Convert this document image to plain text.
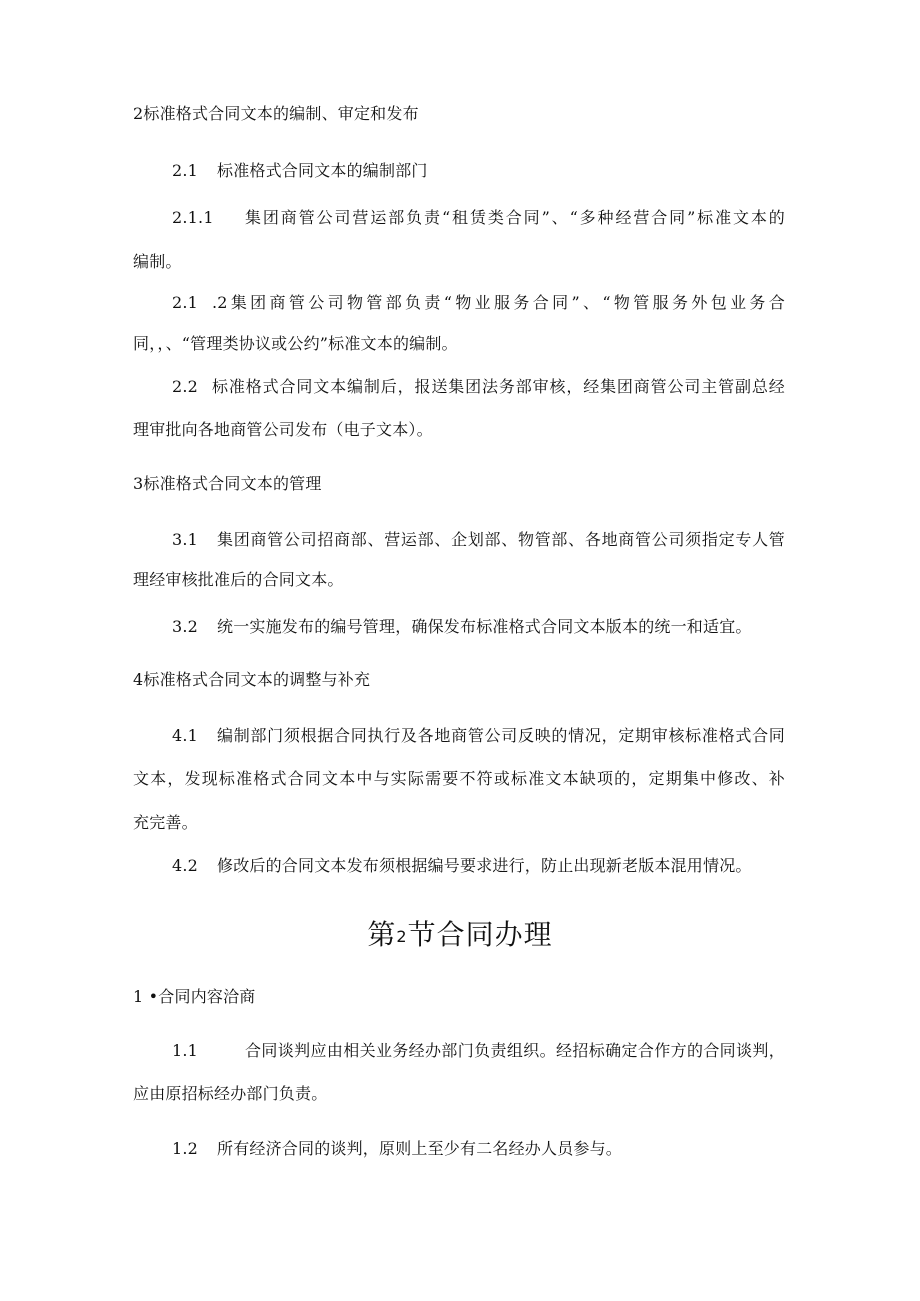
2标准格式合同文本的编制、审定和发布
2.1 标准格式合同文本的编制部门
2.1.1 集团商管公司营运部负责“租赁类合同”、“多种经营合同”标准文本的
编制。
2.1 .2集团商管公司物管部负责“物业服务合同”、“物管服务外包业务合
同，，、“管理类协议或公约”标准文本的编制。
2.2 标准格式合同文本编制后，报送集团法务部审核，经集团商管公司主管副总经
理审批向各地商管公司发布（电子文本）。
3标准格式合同文本的管理
3.1 集团商管公司招商部、营运部、企划部、物管部、各地商管公司须指定专人管
理经审核批准后的合同文本。
3.2 统一实施发布的编号管理，确保发布标准格式合同文本版本的统一和适宜。
4标准格式合同文本的调整与补充
4.1 编制部门须根据合同执行及各地商管公司反映的情况，定期审核标准格式合同
文本，发现标准格式合同文本中与实际需要不符或标准文本缺项的，定期集中修改、补
充完善。
4.2 修改后的合同文本发布须根据编号要求进行，防止出现新老版本混用情况。
第2节合同办理
1 •合同内容洽商
1.1	合同谈判应由相关业务经办部门负责组织。经招标确定合作方的合同谈判，
应由原招标经办部门负责。
1.2 所有经济合同的谈判，原则上至少有二名经办人员参与。
